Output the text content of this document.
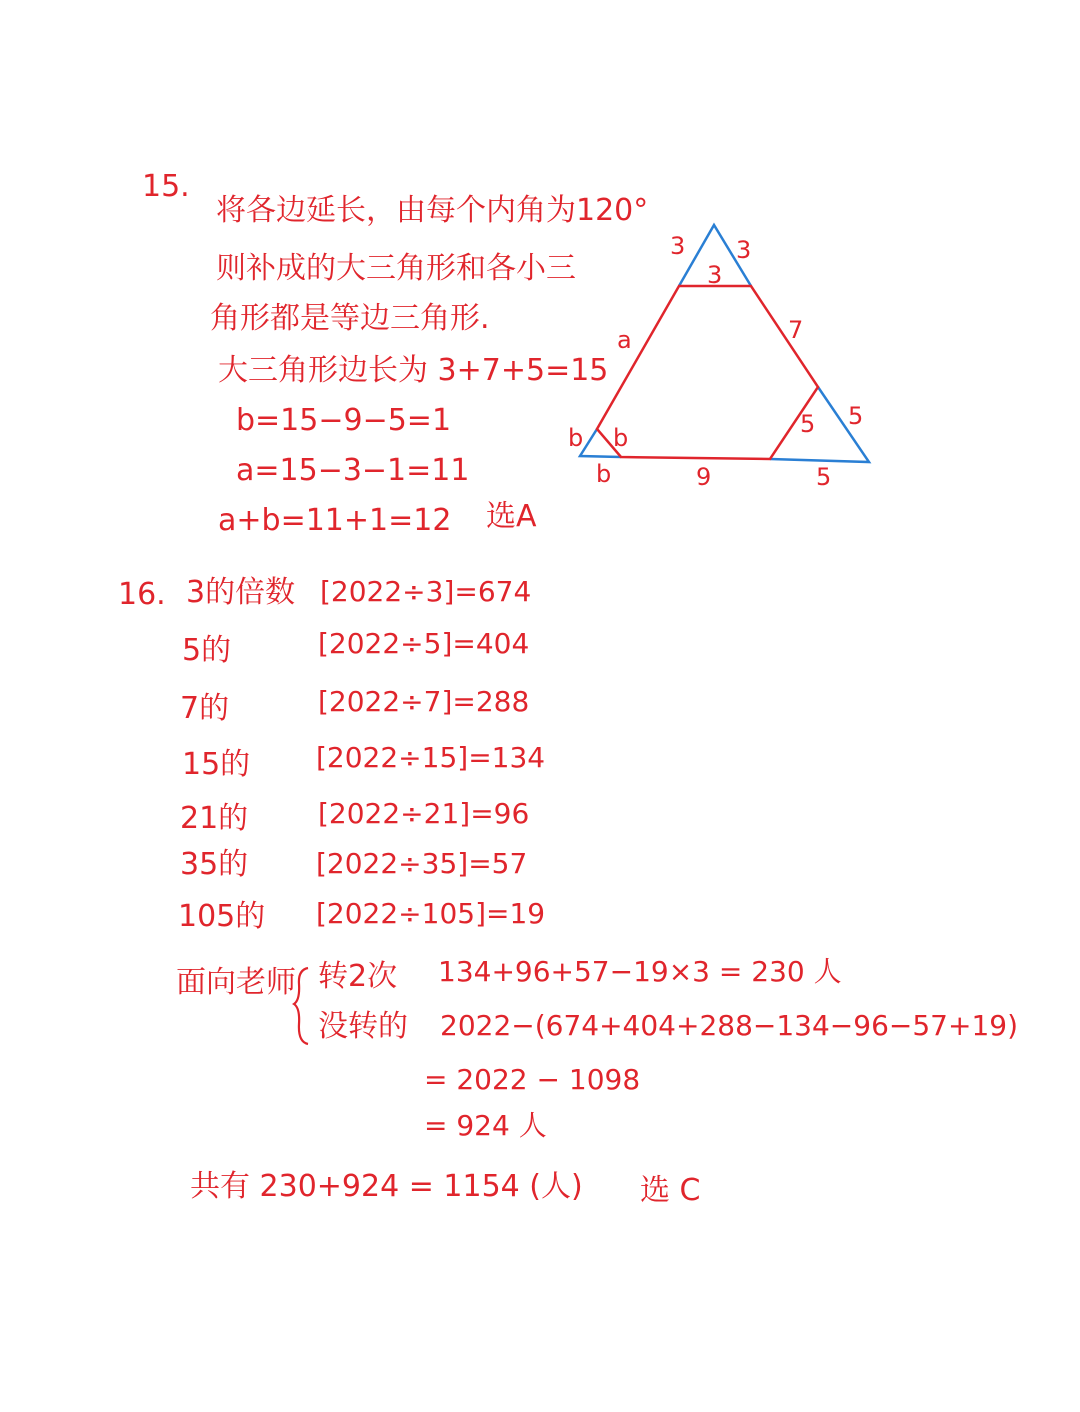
15.
将各边延长，由每个内角为120°
则补成的大三角形和各小三
角形都是等边三角形.
大三角形边长为 3+7+5=15
b=15−9−5=1
a=15−3−1=11
a+b=11+1=12 选A
3 3
3
7
a
5 5
5
9
b b
b
16. 3的倍数 [2022÷3]=674
5的	[2022÷5]=404
7的	[2022÷7]=288
15的 [2022÷15]=134
21的 [2022÷21]=96
35的 [2022÷35]=57
105的 [2022÷105]=19
面向老师 转2次 134+96+57−19×3 = 230 人
没转的 2022−(674+404+288−134−96−57+19)
= 2022 − 1098
= 924 人
共有 230+924 = 1154 (人) 选 C
